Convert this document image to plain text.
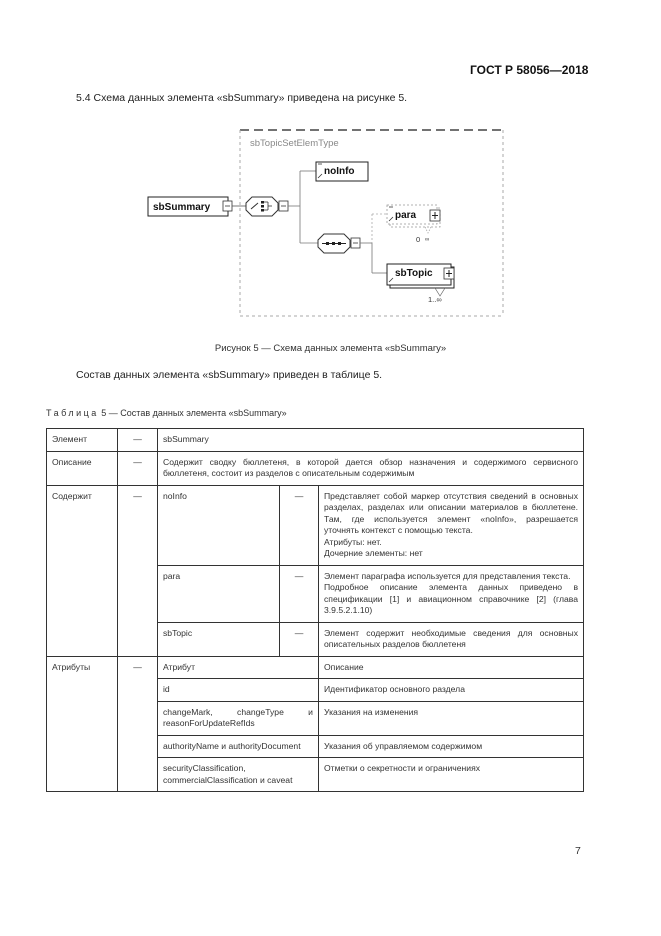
ГОСТ Р 58056—2018
5.4 Схема данных элемента «sbSummary» приведена на рисунке 5.
sbTopicSetElemType
sbSummary
noInfo
para
0 ∞
sbTopic
1..∞
Рисунок 5 — Схема данных элемента «sbSummary»
Состав данных элемента «sbSummary» приведен в таблице 5.
Таблица 5 — Состав данных элемента «sbSummary»
Элемент	—	sbSummary		
Описание	—	Содержит сводку бюллетеня, в которой дается обзор назначения и содержимого сервисного бюллетеня, состоит из разделов с описательным содержимым		
Содержит	—	noInfo	—	Представляет собой маркер отсутствия сведений в основных разделах, разделах или описании материалов в бюллетене. Там, где используется элемент «noInfo», разрешается уточнять контекст с помощью текста.
Атрибуты: нет.
Дочерние элементы: нет

		para	—	Элемент параграфа используется для представления текста.
Подробное описание элемента данных приведено в спецификации [1] и авиационном справочнике [2] (глава 3.9.5.2.1.10)

		sbTopic	—	Элемент содержит необходимые сведения для основных описательных разделов бюллетеня
Атрибуты	—	Атрибут		Описание
		id		Идентификатор основного раздела
		changeMark, changeType и reasonForUpdateRefIds		Указания на изменения
		authorityName и authorityDocument		Указания об управляемом содержимом
		securityClassification, commercialClassification и caveat		Отметки о секретности и ограничениях
7
